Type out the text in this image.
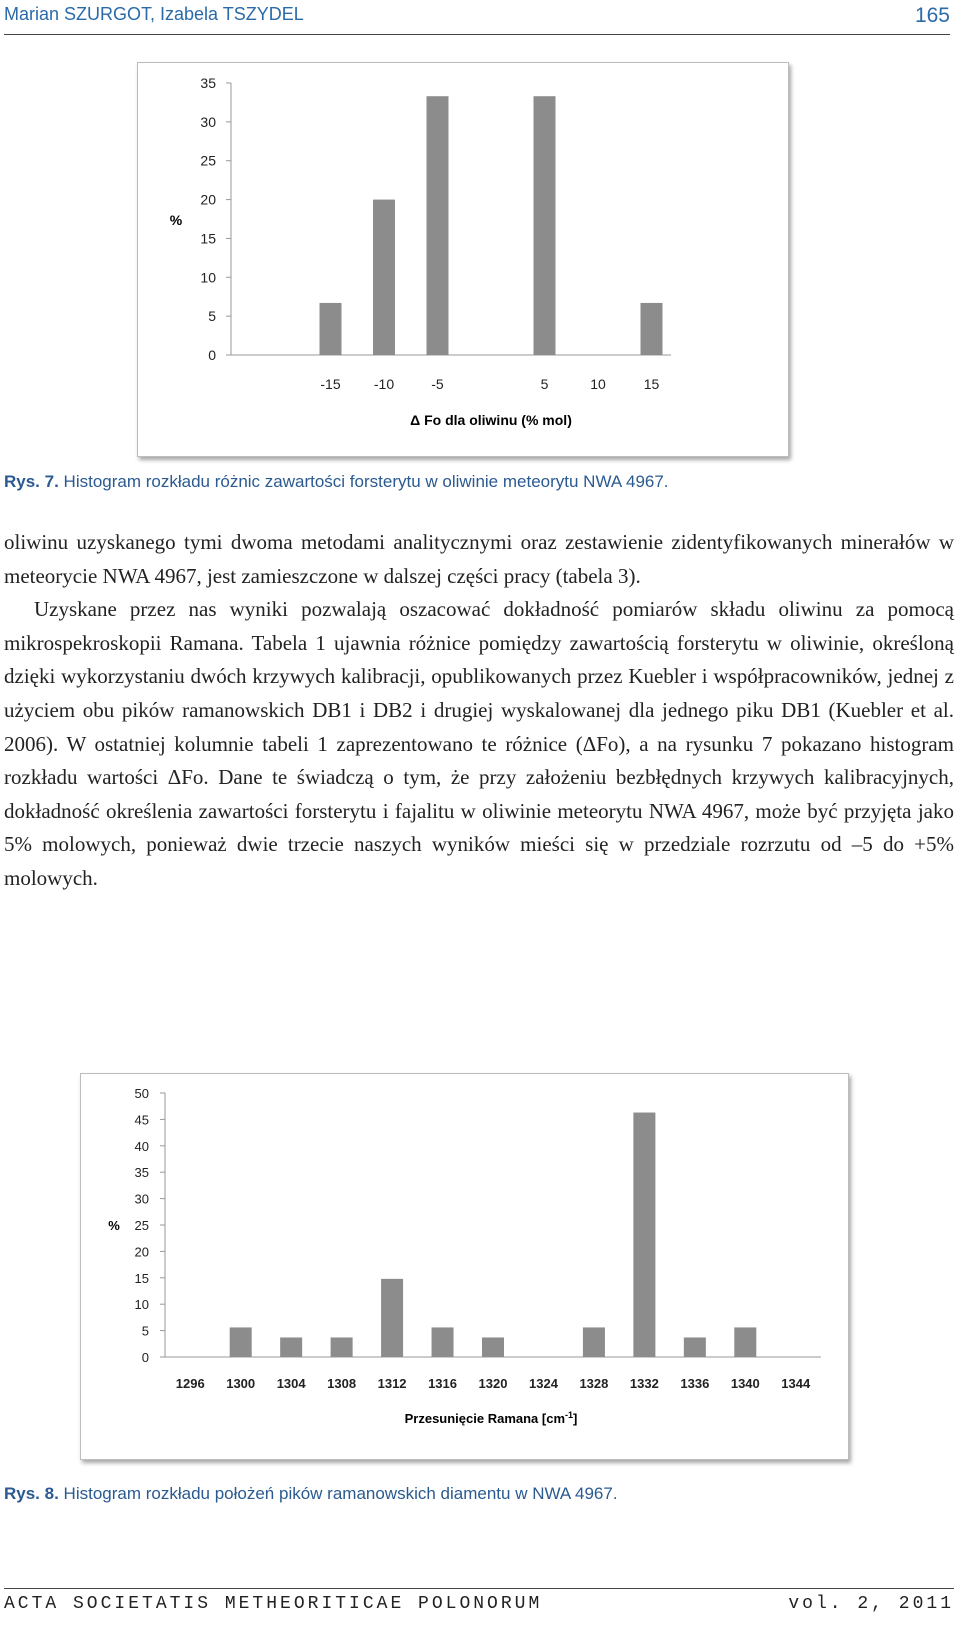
Marian SZURGOT, Izabela TSZYDEL	165
%
Δ Fo dla oliwinu (% mol)
0
5
10
15
20
25
30
35
-15 -10	-5	5	10	15
Rys. 7. Histogram rozkładu różnic zawartości forsterytu w oliwinie meteorytu NWA 4967.

oliwinu uzyskanego tymi dwoma metodami analitycznymi oraz zestawienie zidentyfikowanych minerałów w meteorycie NWA 4967, jest zamieszczone w dalszej części pracy (tabela 3).

Uzyskane przez nas wyniki pozwalają oszacować dokładność pomiarów składu oliwinu za pomocą mikrospekroskopii Ramana. Tabela 1 ujawnia różnice pomiędzy zawartością forsterytu w oliwinie, określoną dzięki wykorzystaniu dwóch krzywych kalibracji, opublikowanych przez Kuebler i współpracowników, jednej z użyciem obu pików ramanowskich DB1 i DB2 i drugiej wyskalowanej dla jednego piku DB1 (Kuebler et al. 2006). W ostatniej kolumnie tabeli 1 zaprezentowano te różnice (ΔFo), a na rysunku 7 pokazano histogram rozkładu wartości ΔFo. Dane te świadczą o tym, że przy założeniu bezbłędnych krzywych kalibracyjnych, dokładność określenia zawartości forsterytu i fajalitu w oliwinie meteorytu NWA 4967, może być przyjęta jako 5% molowych, ponieważ dwie trzecie naszych wyników mieści się w przedziale rozrzutu od –5 do +5% molowych.

%
Przesunięcie Ramana $[cm^{-1}]$
0
5
10
15
20
25
30
35
40
45
50
1296 1300 1304 1308 1312 1316 1320 1324 1328 1332 1336 1340 1344
Rys. 8. Histogram rozkładu położeń pików ramanowskich diamentu w NWA 4967.
ACTA SOCIETATIS METHEORITICAE POLONORUM	vol. 2, 2011
